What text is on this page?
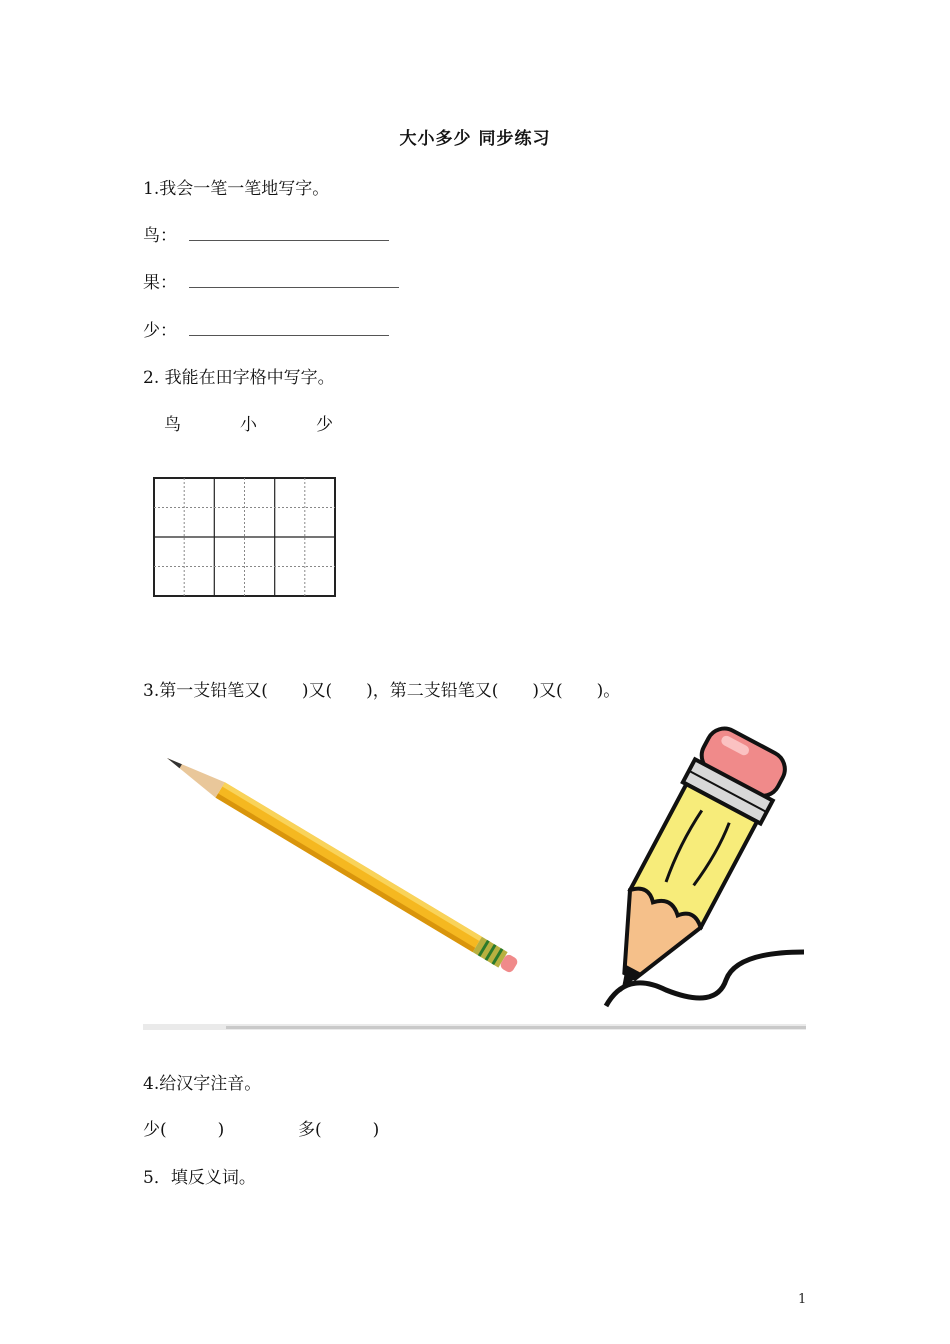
大小多少 同步练习
1.我会一笔一笔地写字。
鸟：
果：
少：
2. 我能在田字格中写字。
鸟	小	少
3.第一支铅笔又(　　)又(　　)，第二支铅笔又(　　)又(　　)。
4.给汉字注音。
少(　　　)	多(　　　)
5．填反义词。
1
